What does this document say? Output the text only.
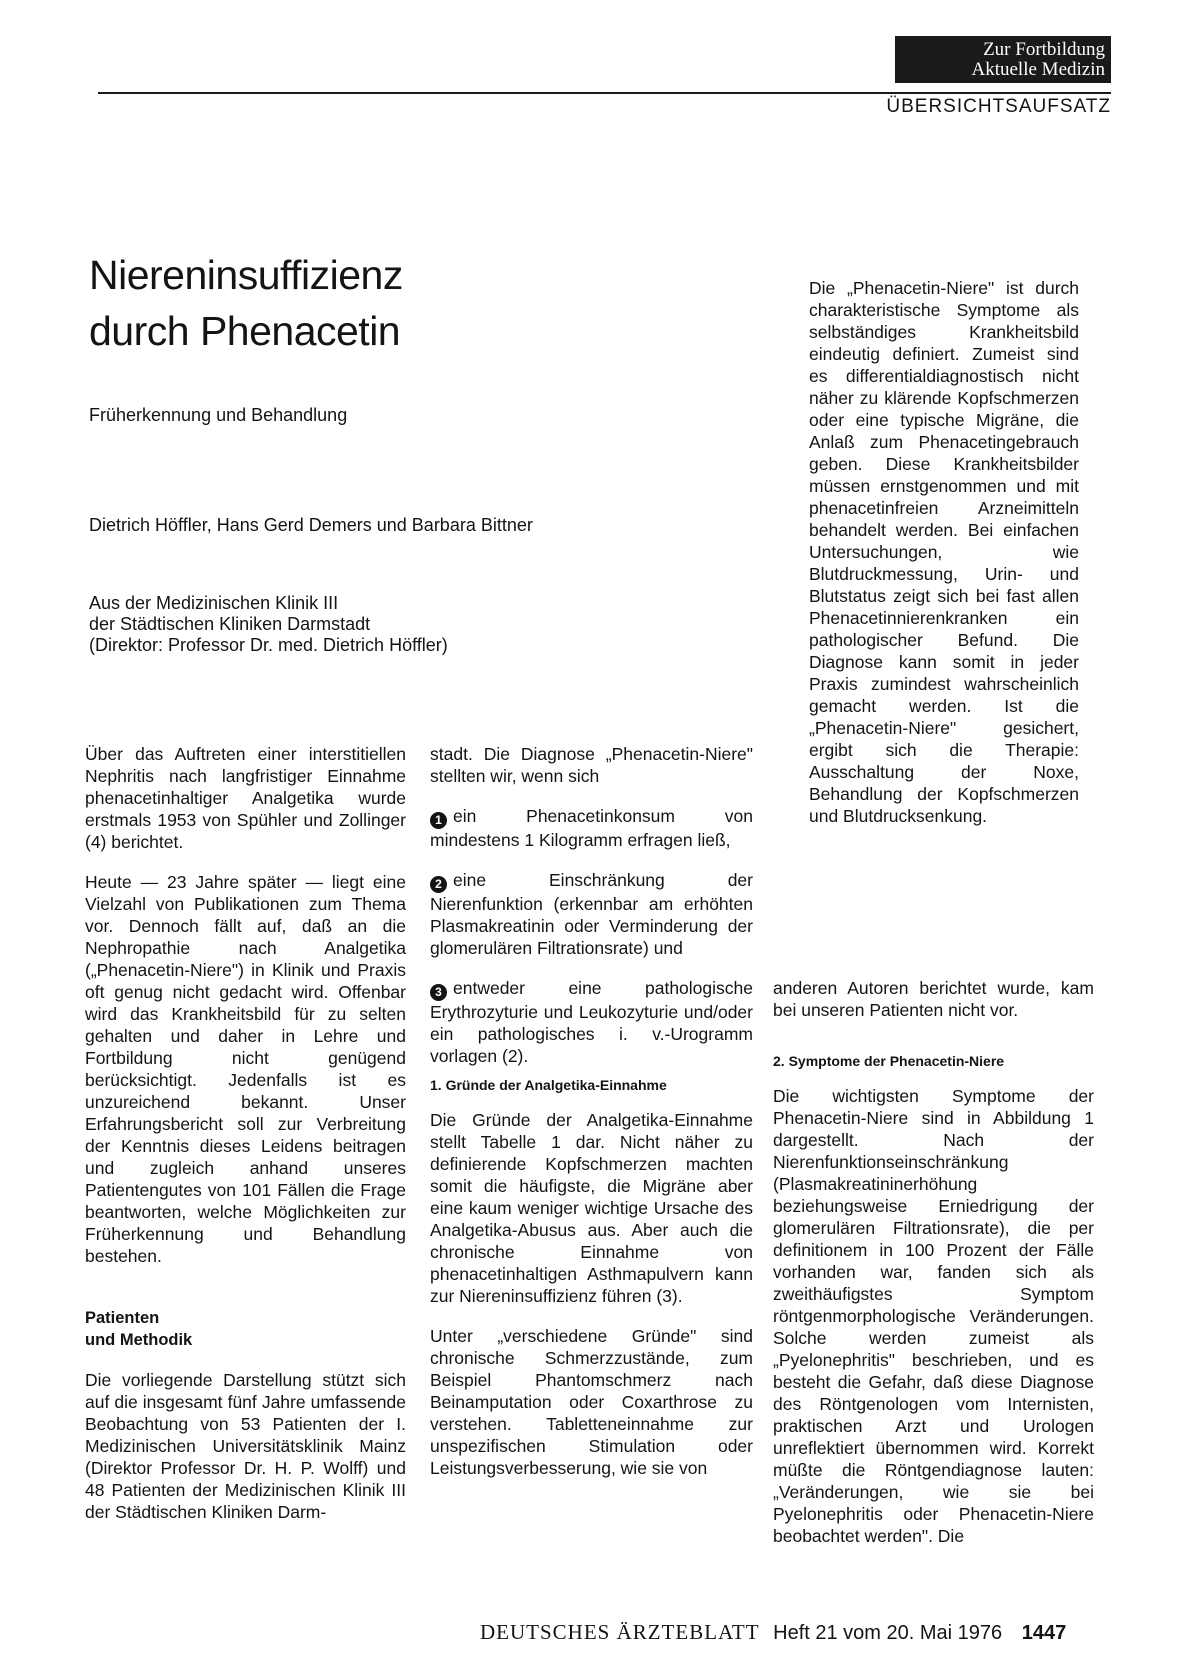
Zur Fortbildung
Aktuelle Medizin
ÜBERSICHTSAUFSATZ
Niereninsuffizienz
durch Phenacetin
Früherkennung und Behandlung
Dietrich Höffler, Hans Gerd Demers und Barbara Bittner
Aus der Medizinischen Klinik III
der Städtischen Kliniken Darmstadt
(Direktor: Professor Dr. med. Dietrich Höffler)

Über das Auftreten einer interstitiellen Nephritis nach langfristiger Einnahme phenacetinhaltiger Analgetika wurde erstmals 1953 von Spühler und Zollinger (4) berichtet.

Heute — 23 Jahre später — liegt eine Vielzahl von Publikationen zum Thema vor. Dennoch fällt auf, daß an die Nephropathie nach Analgetika („Phenacetin-Niere") in Klinik und Praxis oft genug nicht gedacht wird. Offenbar wird das Krankheitsbild für zu selten gehalten und daher in Lehre und Fortbildung nicht genügend berücksichtigt. Jedenfalls ist es unzureichend bekannt. Unser Erfahrungsbericht soll zur Verbreitung der Kenntnis dieses Leidens beitragen und zugleich anhand unseres Patientengutes von 101 Fällen die Frage beantworten, welche Möglichkeiten zur Früherkennung und Behandlung bestehen.

Patienten
und Methodik

Die vorliegende Darstellung stützt sich auf die insgesamt fünf Jahre umfassende Beobachtung von 53 Patienten der I. Medizinischen Universitätsklinik Mainz (Direktor Professor Dr. H. P. Wolff) und 48 Patienten der Medizinischen Klinik III der Städtischen Kliniken Darm-

stadt. Die Diagnose „Phenacetin-Niere" stellten wir, wenn sich

1 ein Phenacetinkonsum von mindestens 1 Kilogramm erfragen ließ,

2 eine Einschränkung der Nierenfunktion (erkennbar am erhöhten Plasmakreatinin oder Verminderung der glomerulären Filtrationsrate) und

3 entweder eine pathologische Erythrozyturie und Leukozyturie und/oder ein pathologisches i. v.-Urogramm vorlagen (2).

1. Gründe der Analgetika-Einnahme

Die Gründe der Analgetika-Einnahme stellt Tabelle 1 dar. Nicht näher zu definierende Kopfschmerzen machten somit die häufigste, die Migräne aber eine kaum weniger wichtige Ursache des Analgetika-Abusus aus. Aber auch die chronische Einnahme von phenacetinhaltigen Asthmapulvern kann zur Niereninsuffizienz führen (3).

Unter „verschiedene Gründe" sind chronische Schmerzzustände, zum Beispiel Phantomschmerz nach Beinamputation oder Coxarthrose zu verstehen. Tabletteneinnahme zur unspezifischen Stimulation oder Leistungsverbesserung, wie sie von

Die „Phenacetin-Niere" ist durch charakteristische Symptome als selbständiges Krankheitsbild eindeutig definiert. Zumeist sind es differentialdiagnostisch nicht näher zu klärende Kopfschmerzen oder eine typische Migräne, die Anlaß zum Phenacetingebrauch geben. Diese Krankheitsbilder müssen ernstgenommen und mit phenacetinfreien Arzneimitteln behandelt werden. Bei einfachen Untersuchungen, wie Blutdruckmessung, Urin- und Blutstatus zeigt sich bei fast allen Phenacetinnierenkranken ein pathologischer Befund. Die Diagnose kann somit in jeder Praxis zumindest wahrscheinlich gemacht werden. Ist die „Phenacetin-Niere" gesichert, ergibt sich die Therapie: Ausschaltung der Noxe, Behandlung der Kopfschmerzen und Blutdrucksenkung.

anderen Autoren berichtet wurde, kam bei unseren Patienten nicht vor.

2. Symptome der Phenacetin-Niere

Die wichtigsten Symptome der Phenacetin-Niere sind in Abbildung 1 dargestellt. Nach der Nierenfunktionseinschränkung (Plasmakreatininerhöhung beziehungsweise Erniedrigung der glomerulären Filtrationsrate), die per definitionem in 100 Prozent der Fälle vorhanden war, fanden sich als zweithäufigstes Symptom röntgenmorphologische Veränderungen. Solche werden zumeist als „Pyelonephritis" beschrieben, und es besteht die Gefahr, daß diese Diagnose des Röntgenologen vom Internisten, praktischen Arzt und Urologen unreflektiert übernommen wird. Korrekt müßte die Röntgendiagnose lauten: „Veränderungen, wie sie bei Pyelonephritis oder Phenacetin-Niere beobachtet werden". Die

DEUTSCHES ÄRZTEBLATT Heft 21 vom 20. Mai 1976 1447
